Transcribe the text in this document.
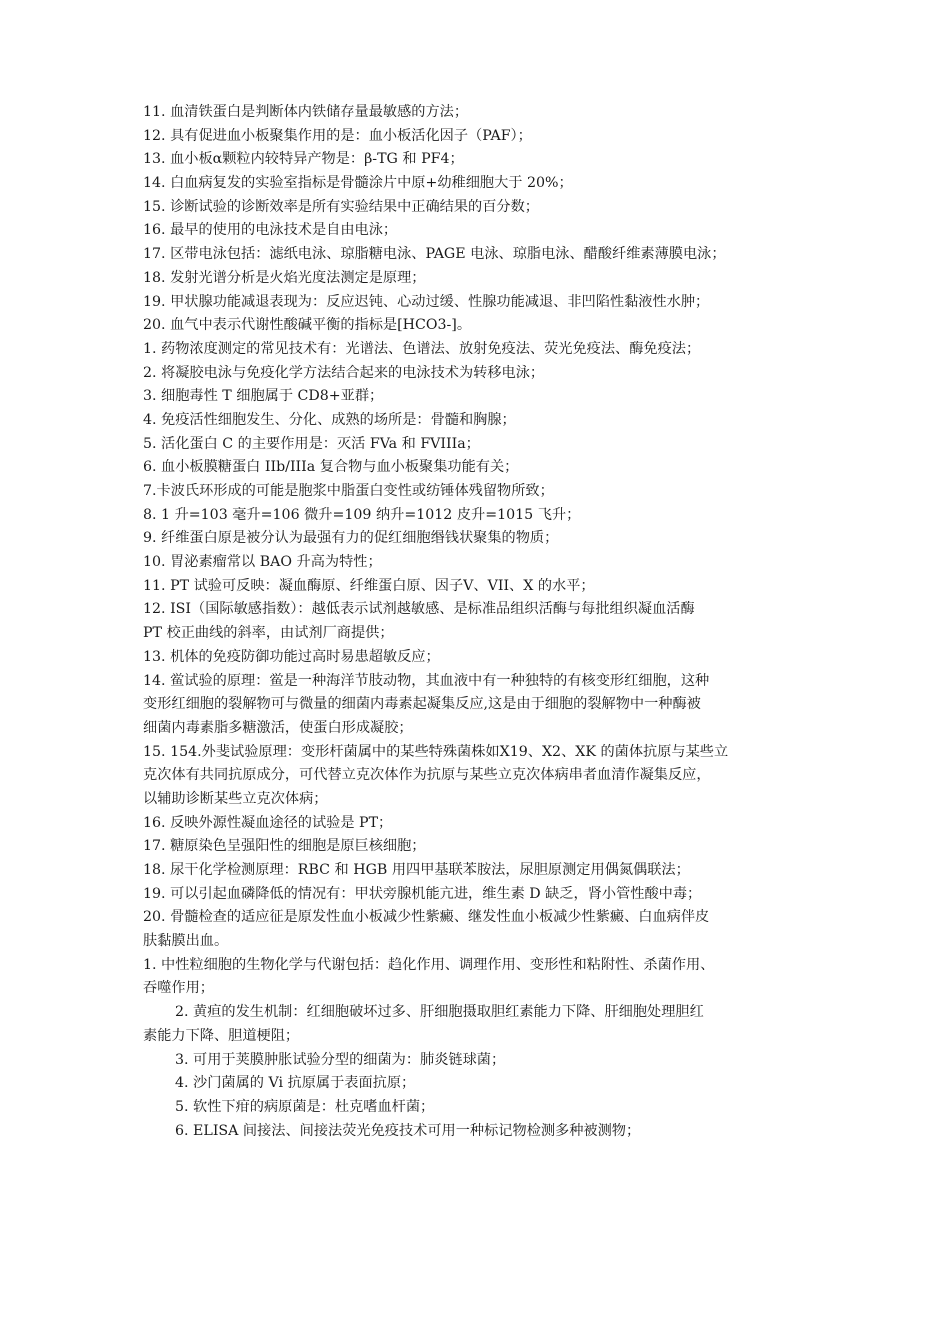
11. 血清铁蛋白是判断体内铁储存量最敏感的方法；
12. 具有促进血小板聚集作用的是：血小板活化因子（PAF）；
13. 血小板α颗粒内较特异产物是：β-TG 和 PF4；
14. 白血病复发的实验室指标是骨髓涂片中原+幼稚细胞大于 20%；
15. 诊断试验的诊断效率是所有实验结果中正确结果的百分数；
16. 最早的使用的电泳技术是自由电泳；
17. 区带电泳包括：滤纸电泳、琼脂糖电泳、PAGE 电泳、琼脂电泳、醋酸纤维素薄膜电泳；
18. 发射光谱分析是火焰光度法测定是原理；
19. 甲状腺功能减退表现为：反应迟钝、心动过缓、性腺功能减退、非凹陷性黏液性水肿；
20. 血气中表示代谢性酸碱平衡的指标是[HCO3-]。
1. 药物浓度测定的常见技术有：光谱法、色谱法、放射免疫法、荧光免疫法、酶免疫法；
2. 将凝胶电泳与免疫化学方法结合起来的电泳技术为转移电泳；
3. 细胞毒性 T 细胞属于 CD8+亚群；
4. 免疫活性细胞发生、分化、成熟的场所是：骨髓和胸腺；
5. 活化蛋白 C 的主要作用是：灭活 FVa 和 FVIIIa；
6. 血小板膜糖蛋白 IIb/IIIa 复合物与血小板聚集功能有关；
7.卡波氏环形成的可能是胞浆中脂蛋白变性或纺锤体残留物所致；
8. 1 升=103 毫升=106 微升=109 纳升=1012 皮升=1015 飞升；
9. 纤维蛋白原是被分认为最强有力的促红细胞缗钱状聚集的物质；
10. 胃泌素瘤常以 BAO 升高为特性；
11. PT 试验可反映：凝血酶原、纤维蛋白原、因子V、VII、X 的水平；
12. ISI（国际敏感指数）：越低表示试剂越敏感、是标准品组织活酶与每批组织凝血活酶
PT 校正曲线的斜率，由试剂厂商提供；
13. 机体的免疫防御功能过高时易患超敏反应；
14. 鲎试验的原理：鲎是一种海洋节肢动物，其血液中有一种独特的有核变形红细胞，这种
变形红细胞的裂解物可与微量的细菌内毒素起凝集反应,这是由于细胞的裂解物中一种酶被
细菌内毒素脂多糖激活，使蛋白形成凝胶；
15. 154.外斐试验原理：变形杆菌属中的某些特殊菌株如X19、X2、XK 的菌体抗原与某些立
克次体有共同抗原成分，可代替立克次体作为抗原与某些立克次体病串者血清作凝集反应，
以辅助诊断某些立克次体病；
16. 反映外源性凝血途径的试验是 PT；
17. 糖原染色呈强阳性的细胞是原巨核细胞；
18. 尿干化学检测原理：RBC 和 HGB 用四甲基联苯胺法，尿胆原测定用偶氮偶联法；
19. 可以引起血磷降低的情况有：甲状旁腺机能亢进，维生素 D 缺乏，肾小管性酸中毒；
20. 骨髓检查的适应征是原发性血小板减少性紫癜、继发性血小板减少性紫癜、白血病伴皮
肤黏膜出血。
1. 中性粒细胞的生物化学与代谢包括：趋化作用、调理作用、变形性和粘附性、杀菌作用、
吞噬作用；
2. 黄疸的发生机制：红细胞破坏过多、肝细胞摄取胆红素能力下降、肝细胞处理胆红
素能力下降、胆道梗阻；
3. 可用于荚膜肿胀试验分型的细菌为：肺炎链球菌；
4. 沙门菌属的 Vi 抗原属于表面抗原；
5. 软性下疳的病原菌是：杜克嗜血杆菌；
6. ELISA 间接法、间接法荧光免疫技术可用一种标记物检测多种被测物；
